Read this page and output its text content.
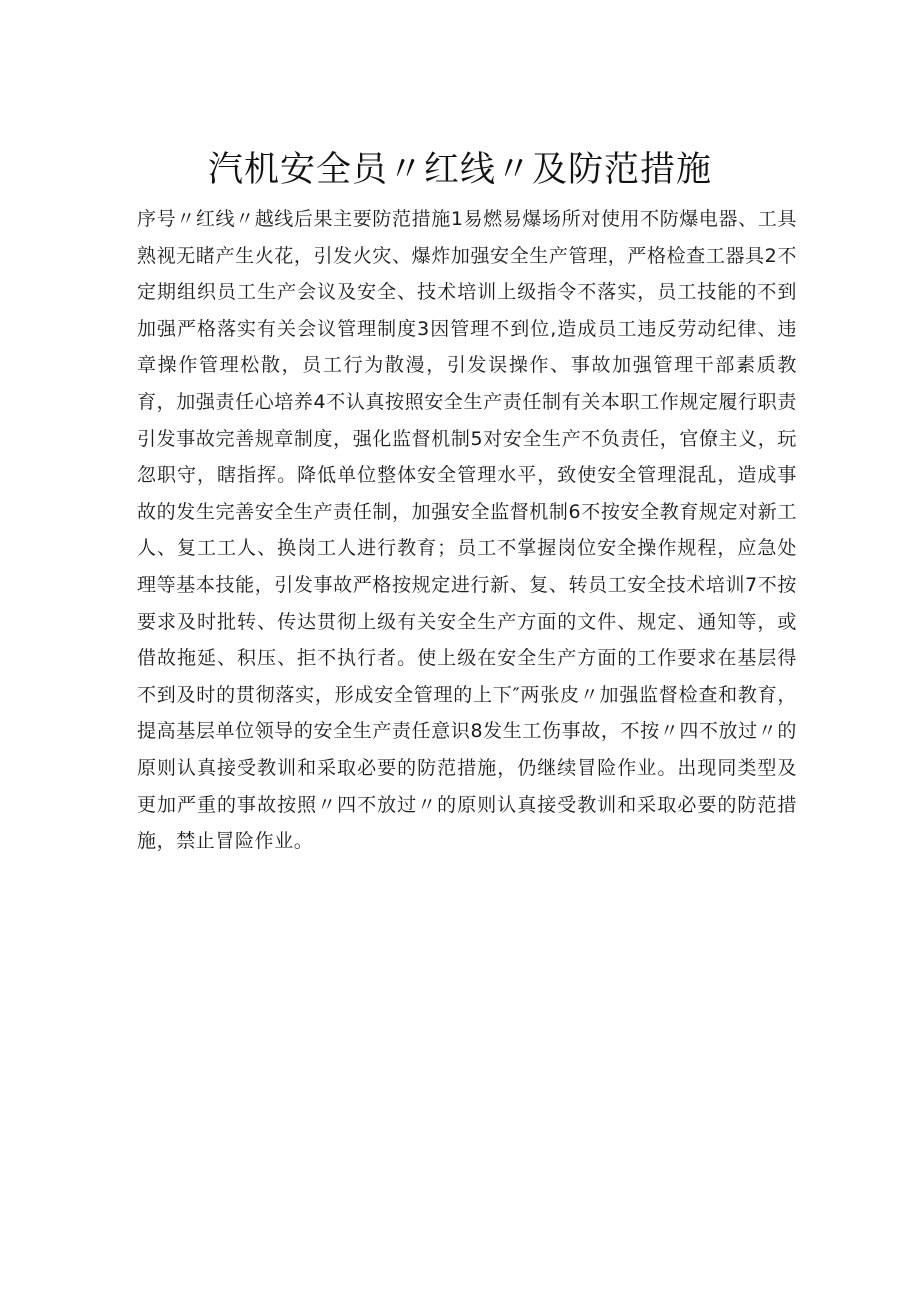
汽机安全员〃红线〃及防范措施

序号〃红线〃越线后果主要防范措施1易燃易爆场所对使用不防爆电器、工具熟视无睹产生火花，引发火灾、爆炸加强安全生产管理，严格检查工器具2不定期组织员工生产会议及安全、技术培训上级指令不落实，员工技能的不到加强严格落实有关会议管理制度3因管理不到位,造成员工违反劳动纪律、违章操作管理松散，员工行为散漫，引发误操作、事故加强管理干部素质教育，加强责任心培养4不认真按照安全生产责任制有关本职工作规定履行职责引发事故完善规章制度，强化监督机制5对安全生产不负责任，官僚主义，玩忽职守，瞎指挥。降低单位整体安全管理水平，致使安全管理混乱，造成事故的发生完善安全生产责任制，加强安全监督机制6不按安全教育规定对新工人、复工工人、换岗工人进行教育；员工不掌握岗位安全操作规程，应急处理等基本技能，引发事故严格按规定进行新、复、转员工安全技术培训7不按要求及时批转、传达贯彻上级有关安全生产方面的文件、规定、通知等，或借故拖延、积压、拒不执行者。使上级在安全生产方面的工作要求在基层得不到及时的贯彻落实，形成安全管理的上下″两张皮〃加强监督检查和教育，提高基层单位领导的安全生产责任意识8发生工伤事故，不按〃四不放过〃的原则认真接受教训和采取必要的防范措施，仍继续冒险作业。出现同类型及更加严重的事故按照〃四不放过〃的原则认真接受教训和采取必要的防范措施，禁止冒险作业。
